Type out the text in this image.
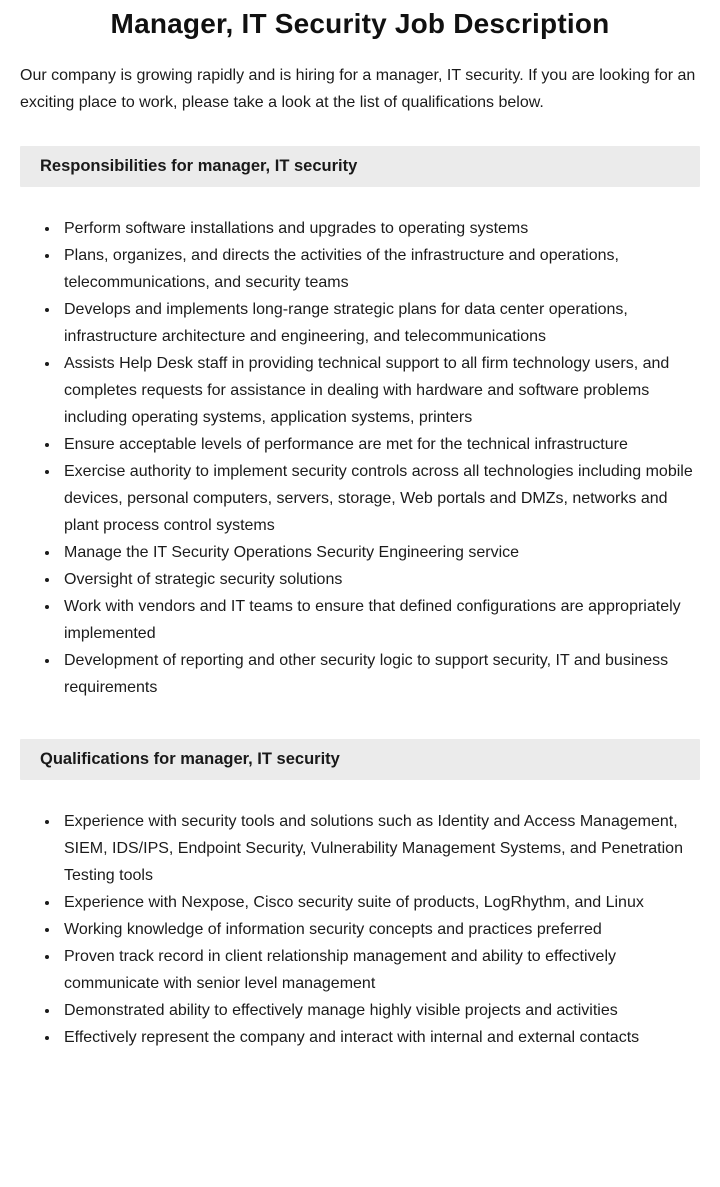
Manager, IT Security Job Description

Our company is growing rapidly and is hiring for a manager, IT security. If you are looking for an exciting place to work, please take a look at the list of qualifications below.

Responsibilities for manager, IT security
• Perform software installations and upgrades to operating systems
• Plans, organizes, and directs the activities of the infrastructure and operations, telecommunications, and security teams
• Develops and implements long-range strategic plans for data center operations, infrastructure architecture and engineering, and telecommunications
• Assists Help Desk staff in providing technical support to all firm technology users, and completes requests for assistance in dealing with hardware and software problems including operating systems, application systems, printers
• Ensure acceptable levels of performance are met for the technical infrastructure
• Exercise authority to implement security controls across all technologies including mobile devices, personal computers, servers, storage, Web portals and DMZs, networks and plant process control systems
• Manage the IT Security Operations Security Engineering service
• Oversight of strategic security solutions
• Work with vendors and IT teams to ensure that defined configurations are appropriately implemented
• Development of reporting and other security logic to support security, IT and business requirements
Qualifications for manager, IT security
• Experience with security tools and solutions such as Identity and Access Management, SIEM, IDS/IPS, Endpoint Security, Vulnerability Management Systems, and Penetration Testing tools
• Experience with Nexpose, Cisco security suite of products, LogRhythm, and Linux
• Working knowledge of information security concepts and practices preferred
• Proven track record in client relationship management and ability to effectively communicate with senior level management
• Demonstrated ability to effectively manage highly visible projects and activities
• Effectively represent the company and interact with internal and external contacts
